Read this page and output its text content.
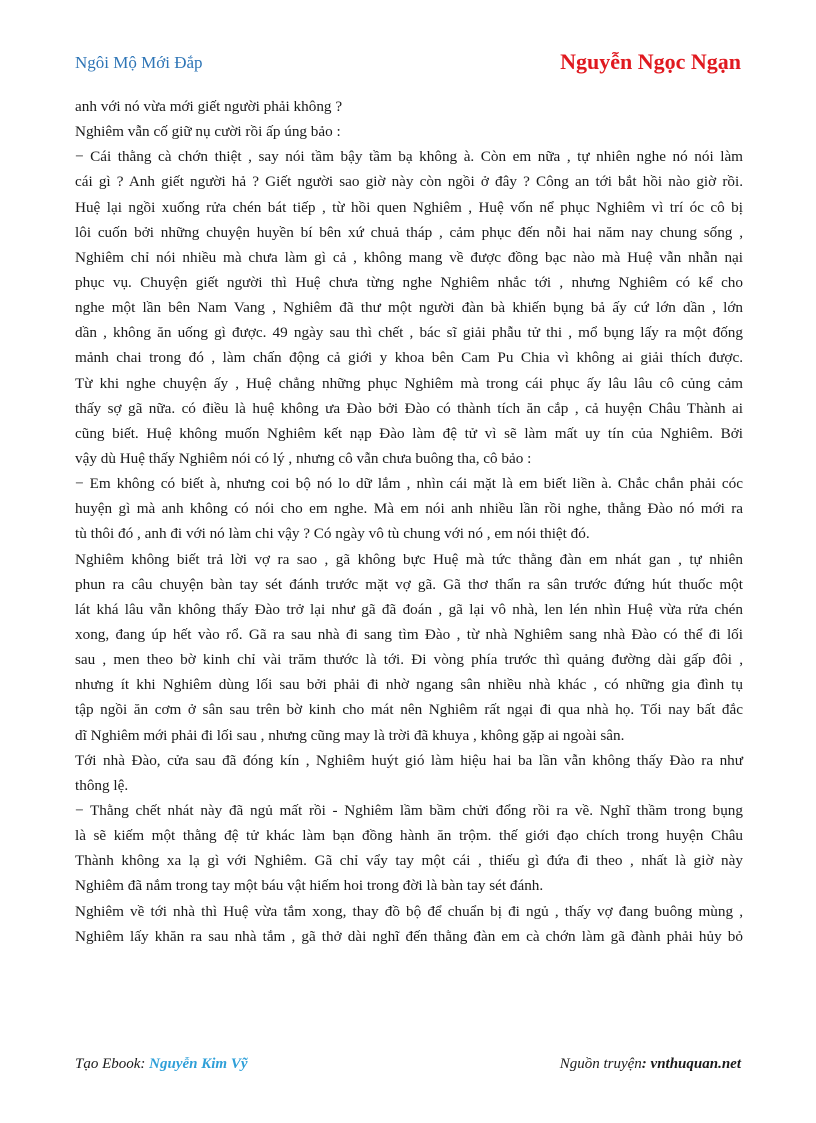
Ngôi Mộ Mới Đắp	Nguyễn Ngọc Ngạn
anh với nó vừa mới giết người phải không ?
Nghiêm vẫn cố giữ nụ cười rồi ấp úng bảo :
− Cái thằng cà chớn thiệt , say nói tầm bậy tầm bạ không à. Còn em nữa , tự nhiên nghe nó nói làm
cái gì ? Anh giết người hả ? Giết người sao giờ này còn ngồi ở đây ? Công an tới bắt hồi nào giờ rồi.
Huệ lại ngồi xuống rửa chén bát tiếp , từ hồi quen Nghiêm , Huệ vốn nể phục Nghiêm vì trí óc cô bị
lôi cuốn bởi những chuyện huyền bí bên xứ chuả tháp , cảm phục đến nỗi hai năm nay chung sống ,
Nghiêm chỉ nói nhiều mà chưa làm gì cả , không mang về được đồng bạc nào mà Huệ vẫn nhẫn nại
phục vụ. Chuyện giết người thì Huệ chưa từng nghe Nghiêm nhắc tới , nhưng Nghiêm có kể cho
nghe một lần bên Nam Vang , Nghiêm đã thư một người đàn bà khiến bụng bả ấy cứ lớn dần , lớn
dần , không ăn uống gì được. 49 ngày sau thì chết , bác sĩ giải phẫu tử thi , mổ bụng lấy ra một đống
mảnh chai trong đó , làm chấn động cả giới y khoa bên Cam Pu Chia vì không ai giải thích được.
Từ khi nghe chuyện ấy , Huệ chẳng những phục Nghiêm mà trong cái phục ấy lâu lâu cô củng cảm
thấy sợ gã nữa. có điều là huệ không ưa Đào bởi Đào có thành tích ăn cắp , cả huyện Châu Thành ai
cũng biết. Huệ không muốn Nghiêm kết nạp Đào làm đệ tử vì sẽ làm mất uy tín của Nghiêm. Bởi
vậy dù Huệ thấy Nghiêm nói có lý , nhưng cô vẫn chưa buông tha, cô bảo :
− Em không có biết à, nhưng coi bộ nó lo dữ lắm , nhìn cái mặt là em biết liền à. Chắc chắn phải cóc
huyện gì mà anh không có nói cho em nghe. Mà em nói anh nhiều lần rồi nghe, thằng Đào nó mới ra
tù thôi đó , anh đi với nó làm chi vậy ? Có ngày vô tù chung với nó , em nói thiệt đó.
Nghiêm không biết trả lời vợ ra sao , gã không bực Huệ mà tức thằng đàn em nhát gan , tự nhiên
phun ra câu chuyện bàn tay sét đánh trước mặt vợ gã. Gã thơ thẩn ra sân trước đứng hút thuốc một
lát khá lâu vẫn không thấy Đào trở lại như gã đã đoán , gã lại vô nhà, len lén nhìn Huệ vừa rửa chén
xong, đang úp hết vào rổ. Gã ra sau nhà đi sang tìm Đào , từ nhà Nghiêm sang nhà Đào có thể đi lối
sau , men theo bờ kinh chỉ vài trăm thước là tới. Đi vòng phía trước thì quảng đường dài gấp đôi ,
nhưng ít khi Nghiêm dùng lối sau bởi phải đi nhờ ngang sân nhiều nhà khác , có những gia đình tụ
tập ngồi ăn cơm ở sân sau trên bờ kinh cho mát nên Nghiêm rất ngại đi qua nhà họ. Tối nay bất đắc
dĩ Nghiêm mới phải đi lối sau , nhưng cũng may là trời đã khuya , không gặp ai ngoài sân.
Tới nhà Đào, cửa sau đã đóng kín , Nghiêm huýt gió làm hiệu hai ba lần vẫn không thấy Đào ra như
thông lệ.
− Thằng chết nhát này đã ngủ mất rồi - Nghiêm lầm bầm chửi đổng rồi ra về. Nghĩ thầm trong bụng
là sẽ kiếm một thằng đệ tử khác làm bạn đồng hành ăn trộm. thế giới đạo chích trong huyện Châu
Thành không xa lạ gì với Nghiêm. Gã chỉ vẩy tay một cái , thiếu gì đứa đi theo , nhất là giờ này
Nghiêm đã nắm trong tay một báu vật hiếm hoi trong đời là bàn tay sét đánh.
Nghiêm về tới nhà thì Huệ vừa tắm xong, thay đồ bộ để chuẩn bị đi ngủ , thấy vợ đang buông mùng ,
Nghiêm lấy khăn ra sau nhà tắm , gã thở dài nghĩ đến thằng đàn em cà chớn làm gã đành phải hủy bỏ
Tạo Ebook: Nguyễn Kim Vỹ	Nguồn truyện: vnthuquan.net
